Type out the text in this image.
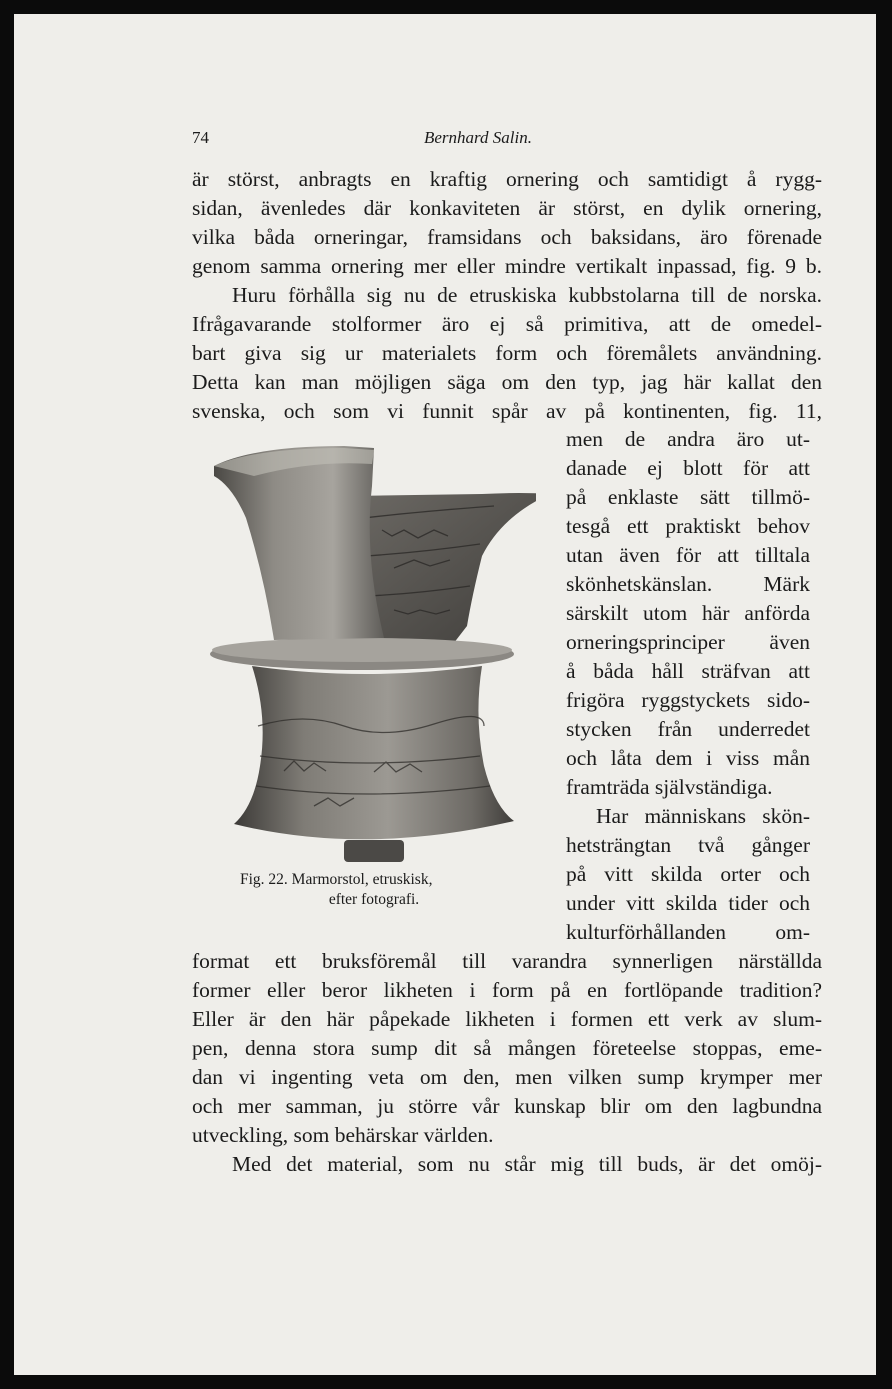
74	Bernhard Salin.
är störst, anbragts en kraftig ornering och samtidigt å rygg-
sidan, ävenledes där konkaviteten är störst, en dylik ornering,
vilka båda orneringar, framsidans och baksidans, äro förenade
genom samma ornering mer eller mindre vertikalt inpassad, fig. 9 b.
Huru förhålla sig nu de etruskiska kubbstolarna till de norska.
Ifrågavarande stolformer äro ej så primitiva, att de omedel-
bart giva sig ur materialets form och föremålets användning.
Detta kan man möjligen säga om den typ, jag här kallat den
svenska, och som vi funnit spår av på kontinenten, fig. 11,
men de andra äro ut-
danade ej blott för att
på enklaste sätt tillmö-
tesgå ett praktiskt behov
utan även för att tilltala
skönhetskänslan. Märk
särskilt utom här anförda
orneringsprinciper även
å båda håll sträfvan att
frigöra ryggstyckets sido-
stycken från underredet
och låta dem i viss mån
framträda självständiga.
Har människans skön-
hetsträngtan två gånger
på vitt skilda orter och
under vitt skilda tider och
kulturförhållanden om-
Fig. 22. Marmorstol, etruskisk,
efter fotografi.
format ett bruksföremål till varandra synnerligen närställda
former eller beror likheten i form på en fortlöpande tradition?
Eller är den här påpekade likheten i formen ett verk av slum-
pen, denna stora sump dit så mången företeelse stoppas, eme-
dan vi ingenting veta om den, men vilken sump krymper mer
och mer samman, ju större vår kunskap blir om den lagbundna
utveckling, som behärskar världen.
Med det material, som nu står mig till buds, är det omöj-
